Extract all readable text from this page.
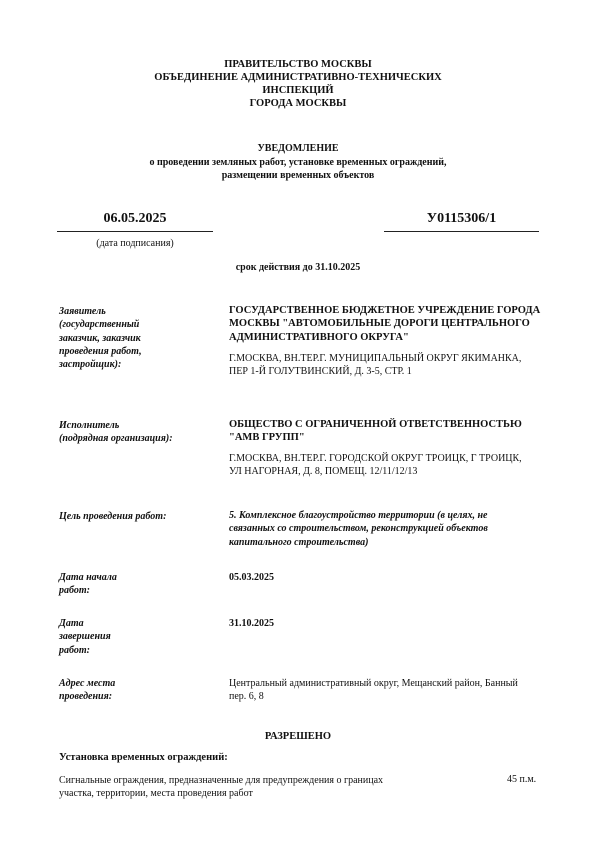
ПРАВИТЕЛЬСТВО МОСКВЫ
ОБЪЕДИНЕНИЕ АДМИНИСТРАТИВНО-ТЕХНИЧЕСКИХ
ИНСПЕКЦИЙ
ГОРОДА МОСКВЫ
УВЕДОМЛЕНИЕ
о проведении земляных работ, установке временных ограждений,
размещении временных объектов
06.05.2025
(дата подписания)
У0115306/1
срок действия до 31.10.2025
Заявитель
(государственный
заказчик, заказчик
проведения работ,
застройщик):
ГОСУДАРСТВЕННОЕ БЮДЖЕТНОЕ УЧРЕЖДЕНИЕ ГОРОДА
МОСКВЫ "АВТОМОБИЛЬНЫЕ ДОРОГИ ЦЕНТРАЛЬНОГО
АДМИНИСТРАТИВНОГО ОКРУГА"
Г.МОСКВА, ВН.ТЕР.Г. МУНИЦИПАЛЬНЫЙ ОКРУГ ЯКИМАНКА,
ПЕР 1-Й ГОЛУТВИНСКИЙ, Д. 3-5, СТР. 1
Исполнитель
(подрядная организация):
ОБЩЕСТВО С ОГРАНИЧЕННОЙ ОТВЕТСТВЕННОСТЬЮ
"АМВ ГРУПП"
Г.МОСКВА, ВН.ТЕР.Г. ГОРОДСКОЙ ОКРУГ ТРОИЦК, Г ТРОИЦК,
УЛ НАГОРНАЯ, Д. 8, ПОМЕЩ. 12/11/12/13
Цель проведения работ:	5. Комплексное благоустройство территории (в целях, не
связанных со строительством, реконструкцией объектов
капитального строительства)
Дата начала
работ:
05.03.2025
Дата
завершения
работ:
31.10.2025
Адрес места
проведения:
Центральный административный округ, Мещанский район, Банный
пер. 6, 8
РАЗРЕШЕНО
Установка временных ограждений:
Сигнальные ограждения, предназначенные для предупреждения о границах
участка, территории, места проведения работ
45 п.м.
